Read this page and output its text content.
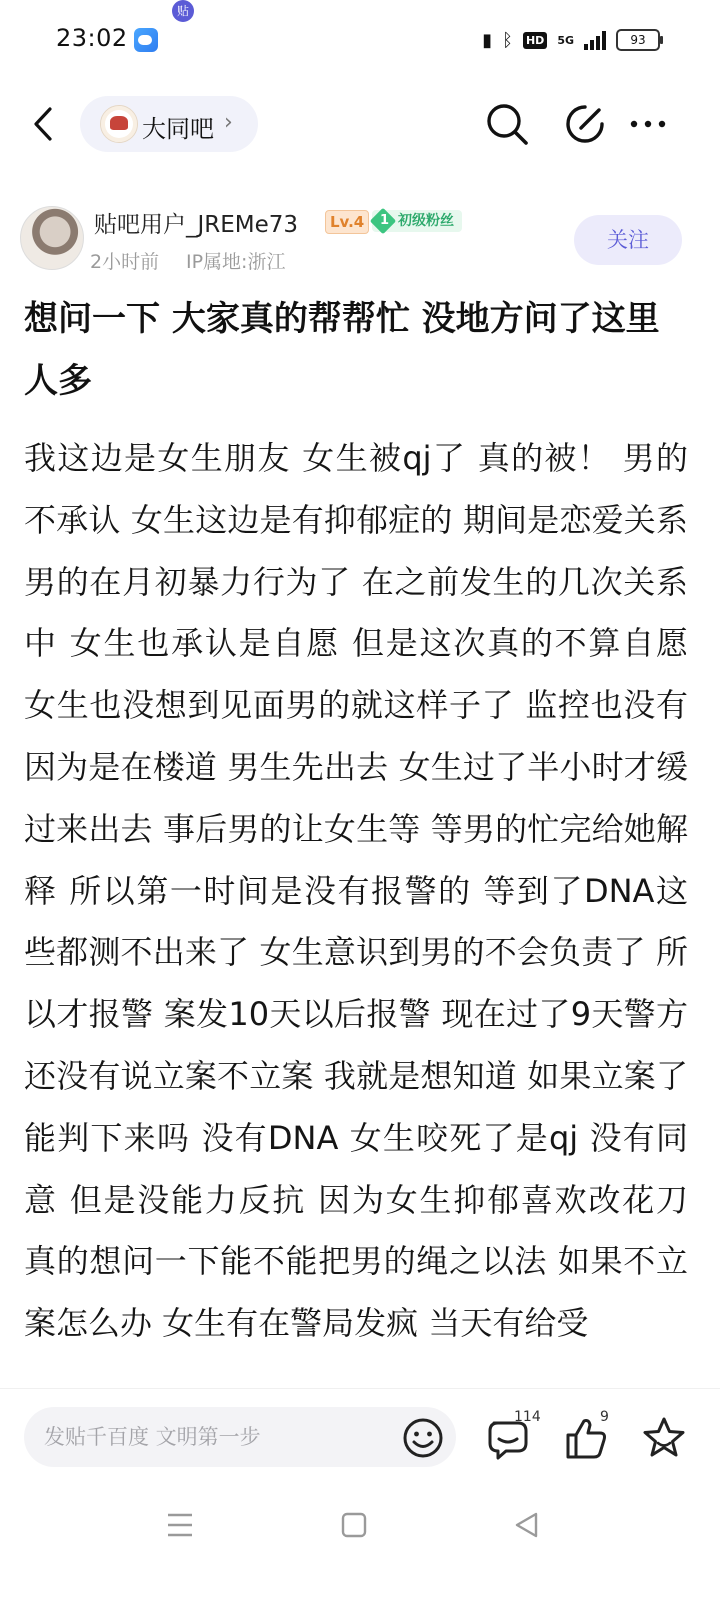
23:02
贴
▮ ᛒ HD 5G	93
大同吧 ›
贴吧用户_JREMe73	Lv.4	1 初级粉丝
2小时前 IP属地:浙江
关注
想问一下 大家真的帮帮忙 没地方问了这里人多
我这边是女生朋友 女生被qj了 真的被！ 男的不承认 女生这边是有抑郁症的 期间是恋爱关系 男的在月初暴力行为了 在之前发生的几次关系中 女生也承认是自愿 但是这次真的不算自愿 女生也没想到见面男的就这样子了 监控也没有 因为是在楼道 男生先出去 女生过了半小时才缓过来出去 事后男的让女生等 等男的忙完给她解释 所以第一时间是没有报警的 等到了DNA这些都测不出来了 女生意识到男的不会负责了 所以才报警 案发10天以后报警 现在过了9天警方还没有说立案不立案 我就是想知道 如果立案了 能判下来吗 没有DNA 女生咬死了是qj 没有同意 但是没能力反抗 因为女生抑郁喜欢改花刀 真的想问一下能不能把男的绳之以法 如果不立案怎么办 女生有在警局发疯 当天有给受
发贴千百度 文明第一步
114	9
